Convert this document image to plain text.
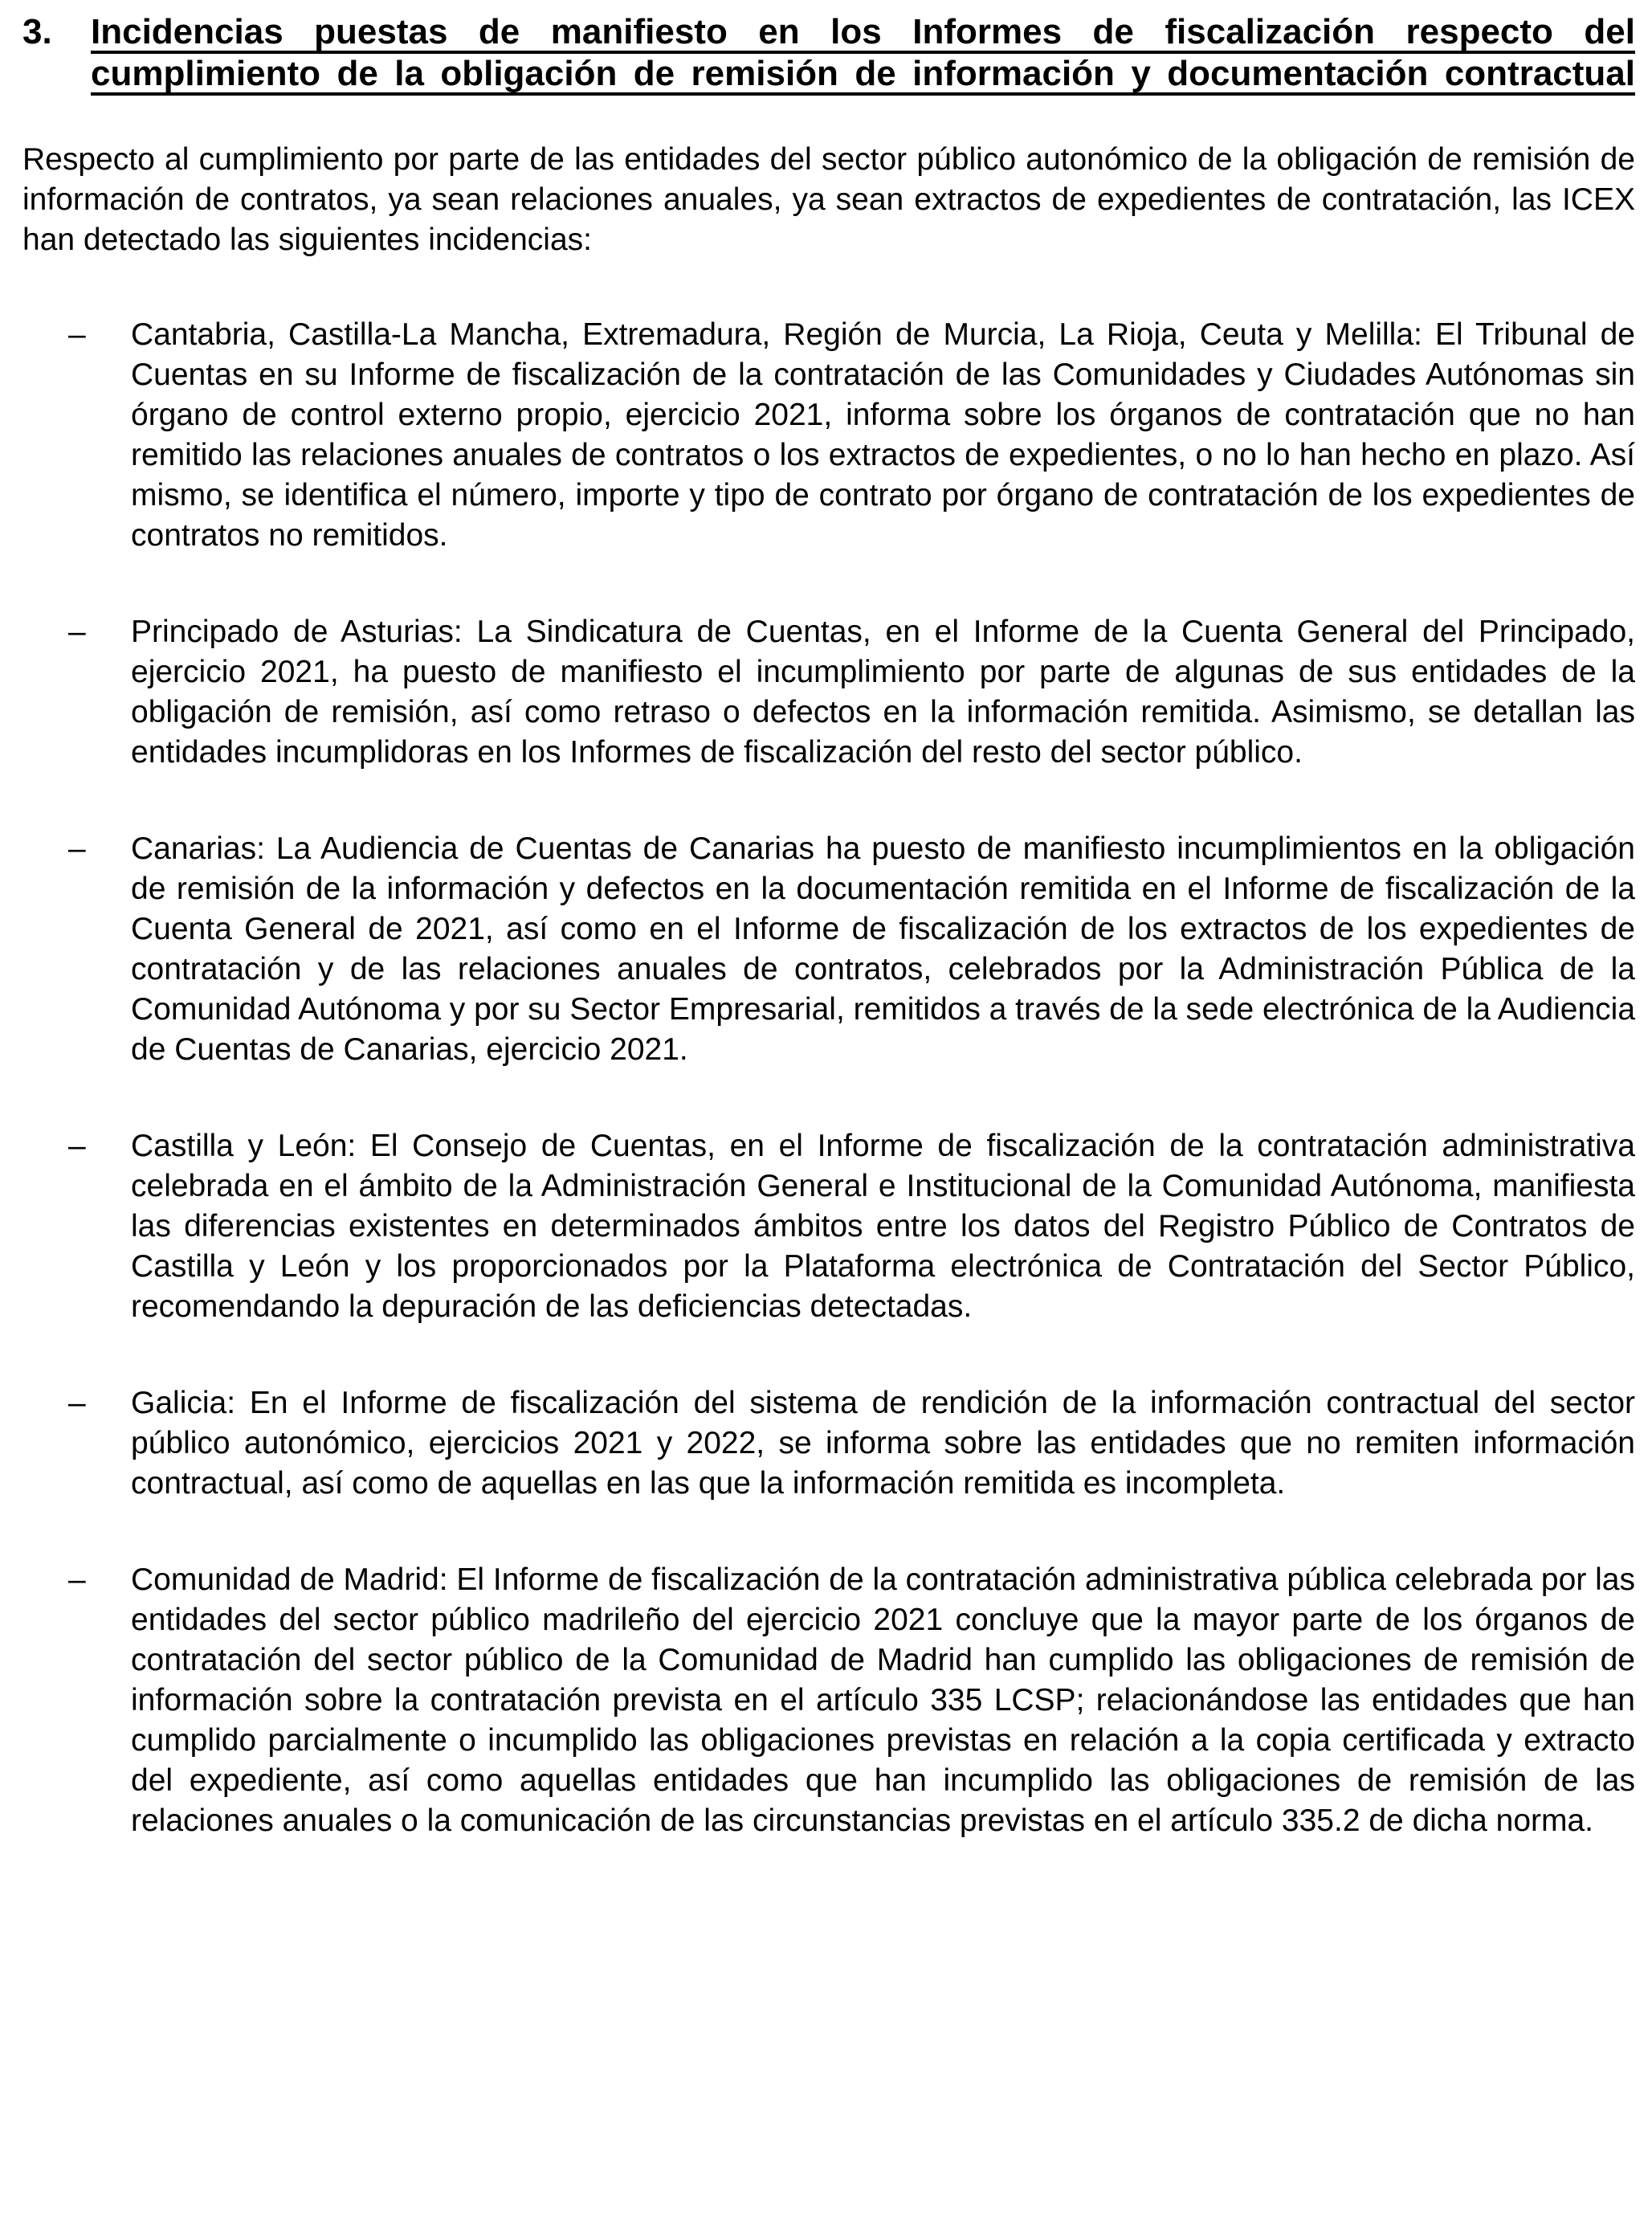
3.	Incidencias puestas de manifiesto en los Informes de fiscalización respecto del cumplimiento de la obligación de remisión de información y documentación contractual

Respecto al cumplimiento por parte de las entidades del sector público autonómico de la obligación de remisión de información de contratos, ya sean relaciones anuales, ya sean extractos de expedientes de contratación, las ICEX han detectado las siguientes incidencias:

–	Cantabria, Castilla-La Mancha, Extremadura, Región de Murcia, La Rioja, Ceuta y Melilla: El Tribunal de Cuentas en su Informe de fiscalización de la contratación de las Comunidades y Ciudades Autónomas sin órgano de control externo propio, ejercicio 2021, informa sobre los órganos de contratación que no han remitido las relaciones anuales de contratos o los extractos de expedientes, o no lo han hecho en plazo. Así mismo, se identifica el número, importe y tipo de contrato por órgano de contratación de los expedientes de contratos no remitidos.
–	Principado de Asturias: La Sindicatura de Cuentas, en el Informe de la Cuenta General del Principado, ejercicio 2021, ha puesto de manifiesto el incumplimiento por parte de algunas de sus entidades de la obligación de remisión, así como retraso o defectos en la información remitida. Asimismo, se detallan las entidades incumplidoras en los Informes de fiscalización del resto del sector público.
–	Canarias: La Audiencia de Cuentas de Canarias ha puesto de manifiesto incumplimientos en la obligación de remisión de la información y defectos en la documentación remitida en el Informe de fiscalización de la Cuenta General de 2021, así como en el Informe de fiscalización de los extractos de los expedientes de contratación y de las relaciones anuales de contratos, celebrados por la Administración Pública de la Comunidad Autónoma y por su Sector Empresarial, remitidos a través de la sede electrónica de la Audiencia de Cuentas de Canarias, ejercicio 2021.
–	Castilla y León: El Consejo de Cuentas, en el Informe de fiscalización de la contratación administrativa celebrada en el ámbito de la Administración General e Institucional de la Comunidad Autónoma, manifiesta las diferencias existentes en determinados ámbitos entre los datos del Registro Público de Contratos de Castilla y León y los proporcionados por la Plataforma electrónica de Contratación del Sector Público, recomendando la depuración de las deficiencias detectadas.
–	Galicia: En el Informe de fiscalización del sistema de rendición de la información contractual del sector público autonómico, ejercicios 2021 y 2022, se informa sobre las entidades que no remiten información contractual, así como de aquellas en las que la información remitida es incompleta.
–	Comunidad de Madrid: El Informe de fiscalización de la contratación administrativa pública celebrada por las entidades del sector público madrileño del ejercicio 2021 concluye que la mayor parte de los órganos de contratación del sector público de la Comunidad de Madrid han cumplido las obligaciones de remisión de información sobre la contratación prevista en el artículo 335 LCSP; relacionándose las entidades que han cumplido parcialmente o incumplido las obligaciones previstas en relación a la copia certificada y extracto del expediente, así como aquellas entidades que han incumplido las obligaciones de remisión de las relaciones anuales o la comunicación de las circunstancias previstas en el artículo 335.2 de dicha norma.
